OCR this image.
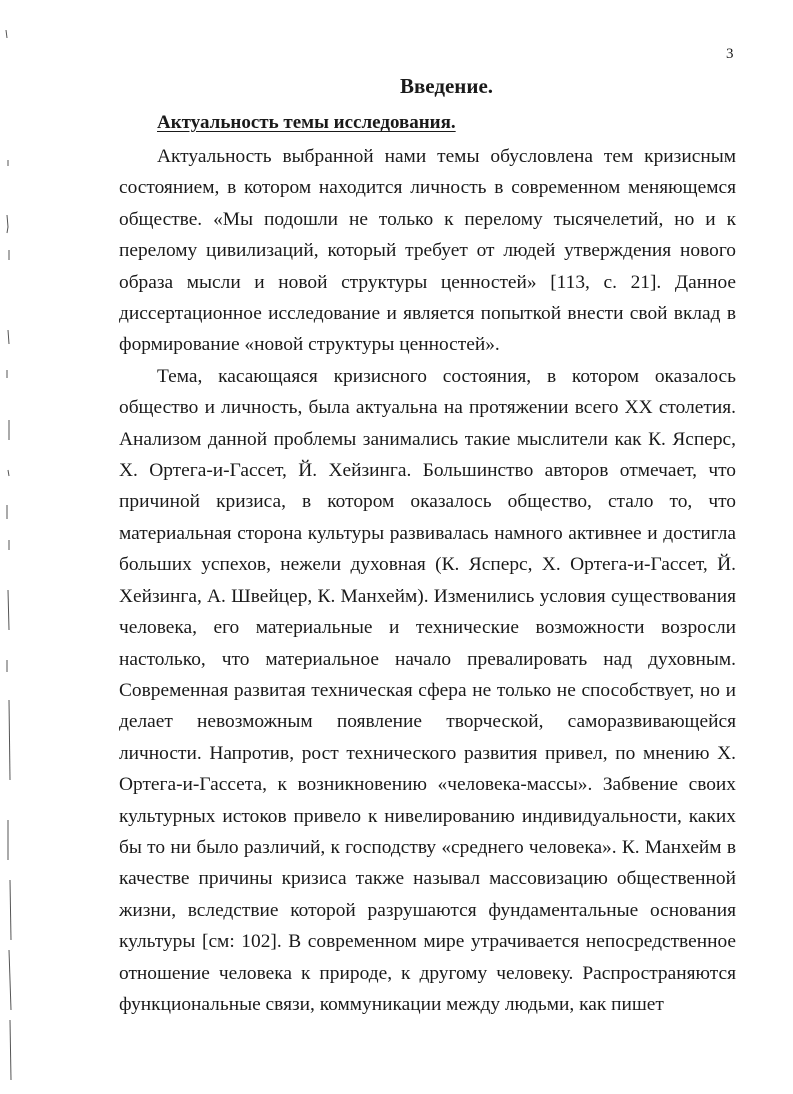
3
Введение.
Актуальность темы исследования.

Актуальность выбранной нами темы обусловлена тем кризисным состоянием, в котором находится личность в современном меняющемся обществе. «Мы подошли не только к перелому тысячелетий, но и к перелому цивилизаций, который требует от людей утверждения нового образа мысли и новой структуры ценностей» [113, с. 21]. Данное диссертационное исследование и является попыткой внести свой вклад в формирование «новой структуры ценностей».

Тема, касающаяся кризисного состояния, в котором оказалось общество и личность, была актуальна на протяжении всего XX столетия. Анализом данной проблемы занимались такие мыслители как К. Ясперс, Х. Ортега-и-Гассет, Й. Хейзинга. Большинство авторов отмечает, что причиной кризиса, в котором оказалось общество, стало то, что материальная сторона культуры развивалась намного активнее и достигла больших успехов, нежели духовная (К. Ясперс, Х. Ортега-и-Гассет, Й. Хейзинга, А. Швейцер, К. Манхейм). Изменились условия существования человека, его материальные и технические возможности возросли настолько, что материальное начало превалировать над духовным. Современная развитая техническая сфера не только не способствует, но и делает невозможным появление творческой, саморазвивающейся личности. Напротив, рост технического развития привел, по мнению Х. Ортега-и-Гассета, к возникновению «человека-массы». Забвение своих культурных истоков привело к нивелированию индивидуальности, каких бы то ни было различий, к господству «среднего человека». К. Манхейм в качестве причины кризиса также называл массовизацию общественной жизни, вследствие которой разрушаются фундаментальные основания культуры [см: 102]. В современном мире утрачивается непосредственное отношение человека к природе, к другому человеку. Распространяются функциональные связи, коммуникации между людьми, как пишет
